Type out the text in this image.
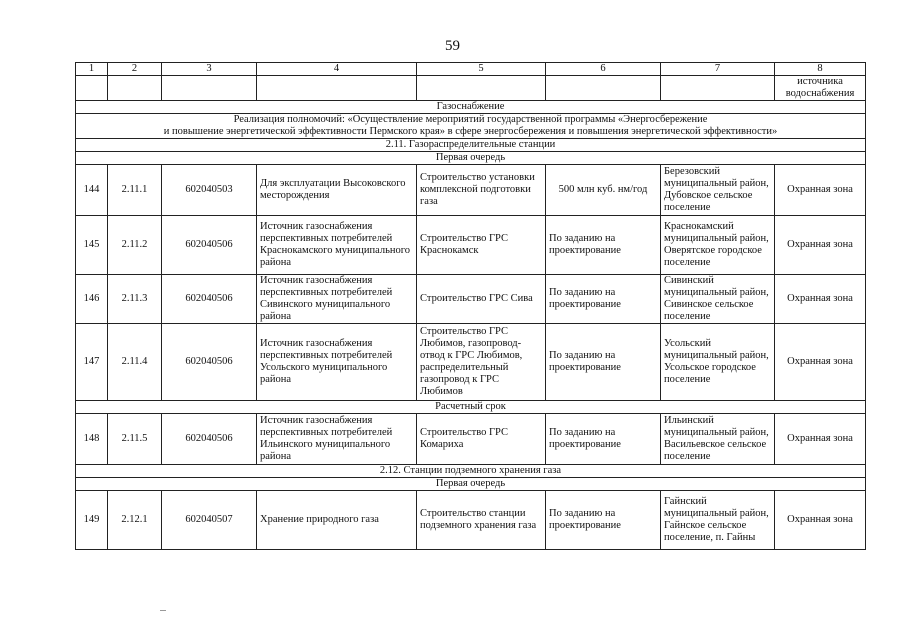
59
1	2	3	4	5	6	7	8
							источника водоснабжения
Газоснабжение							

Реализация полномочий: «Осуществление мероприятий государственной программы «Энергосбережение
и повышение энергетической эффективности Пермского края» в сфере энергосбережения и повышения энергетической эффективности»							

2.11. Газораспределительные станции							
Первая очередь							
144	2.11.1	602040503	Для эксплуатации Высоковского месторождения	Строительство установки комплексной подготовки газа	500 млн куб. нм/год	Березовский муниципальный район, Дубовское сельское поселение	Охранная зона
145	2.11.2	602040506	Источник газоснабжения перспективных потребителей Краснокамского муниципального района	Строительство ГРС Краснокамск	По заданию на проектирование	Краснокамский муниципальный район, Оверятское городское поселение	Охранная зона
146	2.11.3	602040506	Источник газоснабжения перспективных потребителей Сивинского муниципального района	Строительство ГРС Сива	По заданию на проектирование	Сивинский муниципальный район, Сивинское сельское поселение	Охранная зона
147	2.11.4	602040506	Источник газоснабжения перспективных потребителей Усольского муниципального района	Строительство ГРС Любимов, газопровод-отвод к ГРС Любимов, распределительный газопровод к ГРС Любимов	По заданию на проектирование	Усольский муниципальный район, Усольское городское поселение	Охранная зона
Расчетный срок							
148	2.11.5	602040506	Источник газоснабжения перспективных потребителей Ильинского муниципального района	Строительство ГРС Комариха	По заданию на проектирование	Ильинский муниципальный район, Васильевское сельское поселение	Охранная зона
2.12. Станции подземного хранения газа							
Первая очередь							
149	2.12.1	602040507	Хранение природного газа	Строительство станции подземного хранения газа	По заданию на проектирование	Гайнский муниципальный район, Гайнское сельское поселение, п. Гайны	Охранная зона
